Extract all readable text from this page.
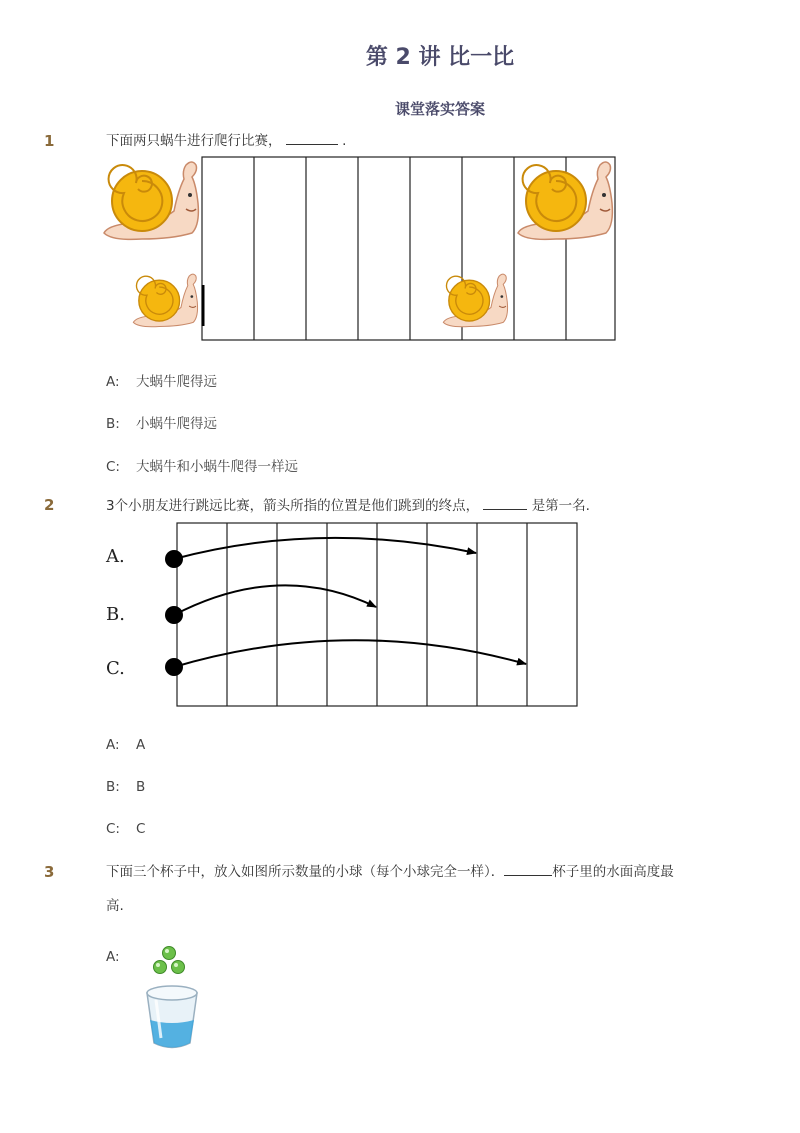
第 2 讲 比一比
课堂落实答案
1	下面两只蜗牛进行爬行比赛，	.
A: 大蜗牛爬得远
B: 小蜗牛爬得远
C: 大蜗牛和小蜗牛爬得一样远
2	3个小朋友进行跳远比赛，箭头所指的位置是他们跳到的终点，	是第一名.
A.
B.
C.
A: A
B: B
C: C
3	下面三个杯子中，放入如图所示数量的小球（每个小球完全一样）．	杯子里的水面高度最
高.
A:
